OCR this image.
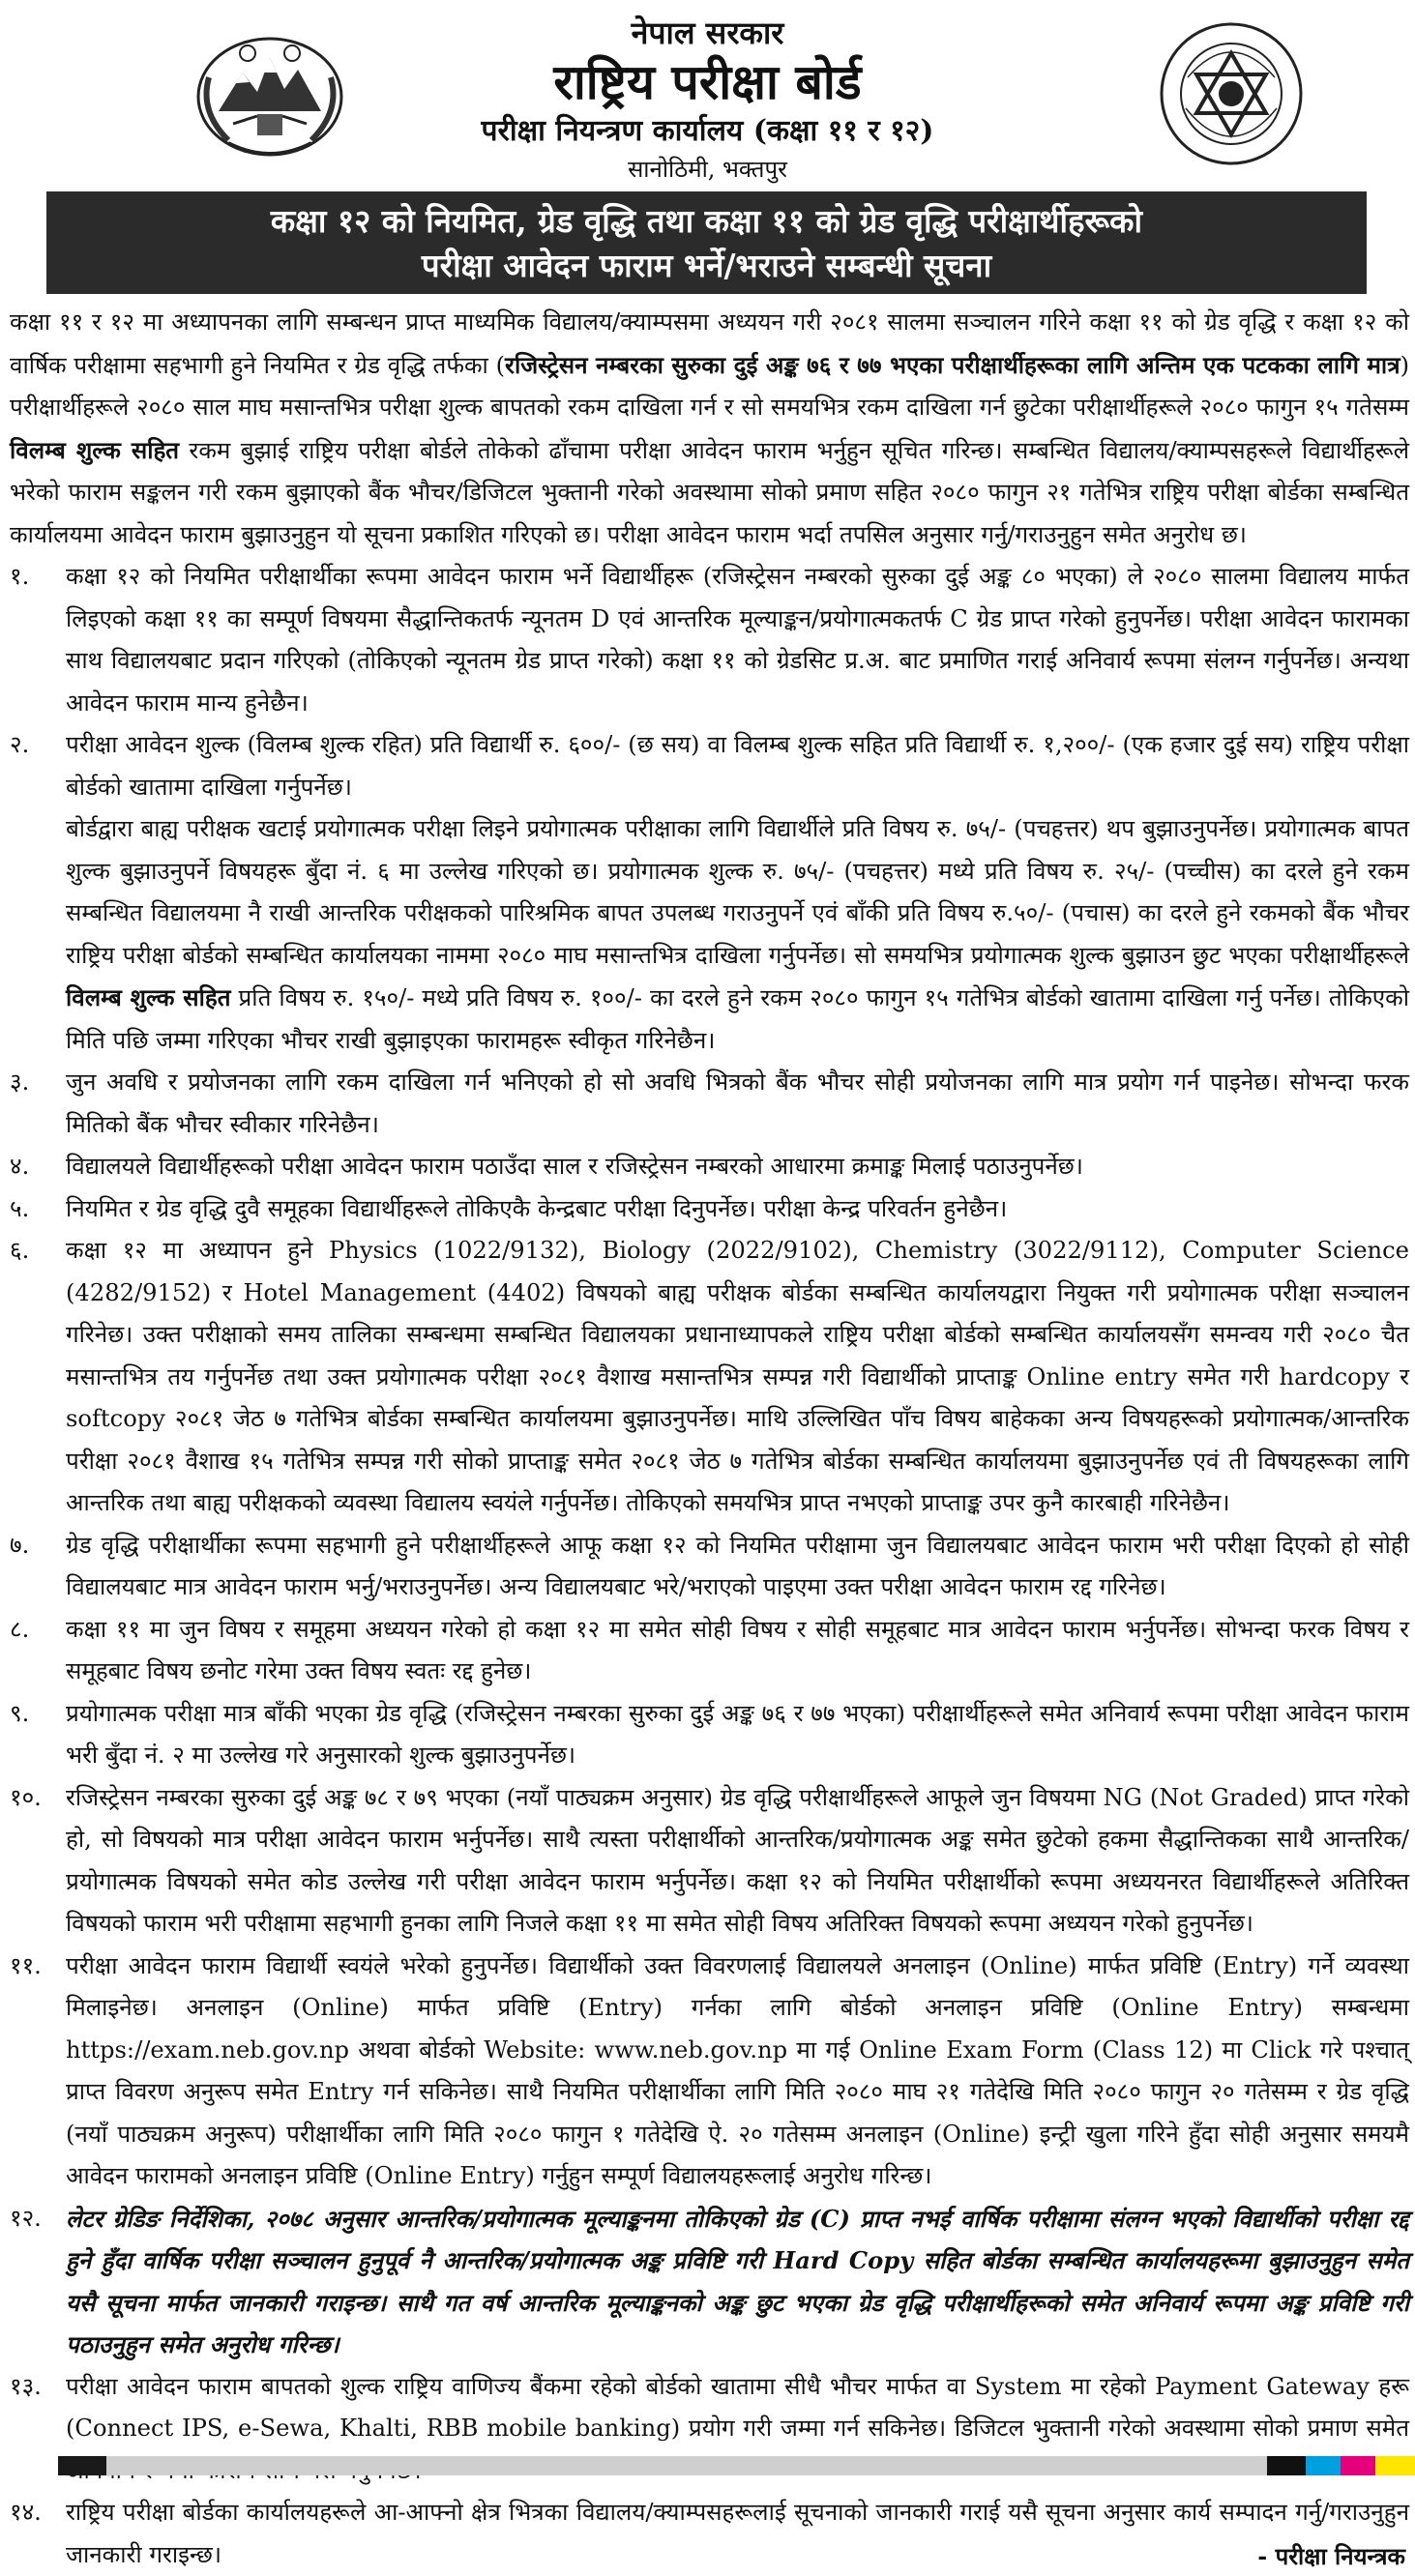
नेपाल सरकार
राष्ट्रिय परीक्षा बोर्ड
परीक्षा नियन्त्रण कार्यालय (कक्षा ११ र १२)
सानोठिमी, भक्तपुर
कक्षा १२ को नियमित, ग्रेड वृद्धि तथा कक्षा ११ को ग्रेड वृद्धि परीक्षार्थीहरूको
परीक्षा आवेदन फाराम भर्ने/भराउने सम्बन्धी सूचना

कक्षा ११ र १२ मा अध्यापनका लागि सम्बन्धन प्राप्त माध्यमिक विद्यालय/क्याम्पसमा अध्ययन गरी २०८१ सालमा सञ्चालन गरिने कक्षा ११ को ग्रेड वृद्धि र कक्षा १२ को वार्षिक परीक्षामा सहभागी हुने नियमित र ग्रेड वृद्धि तर्फका (रजिस्ट्रेसन नम्बरका सुरुका दुई अङ्क ७६ र ७७ भएका परीक्षार्थीहरूका लागि अन्तिम एक पटकका लागि मात्र) परीक्षार्थीहरूले २०८० साल माघ मसान्तभित्र परीक्षा शुल्क बापतको रकम दाखिला गर्न र सो समयभित्र रकम दाखिला गर्न छुटेका परीक्षार्थीहरूले २०८० फागुन १५ गतेसम्म विलम्ब शुल्क सहित रकम बुझाई राष्ट्रिय परीक्षा बोर्डले तोकेको ढाँचामा परीक्षा आवेदन फाराम भर्नुहुन सूचित गरिन्छ। सम्बन्धित विद्यालय/क्याम्पसहरूले विद्यार्थीहरूले भरेको फाराम सङ्कलन गरी रकम बुझाएको बैंक भौचर/डिजिटल भुक्तानी गरेको अवस्थामा सोको प्रमाण सहित २०८० फागुन २१ गतेभित्र राष्ट्रिय परीक्षा बोर्डका सम्बन्धित कार्यालयमा आवेदन फाराम बुझाउनुहुन यो सूचना प्रकाशित गरिएको छ। परीक्षा आवेदन फाराम भर्दा तपसिल अनुसार गर्नु/गराउनुहुन समेत अनुरोध छ।

१.	कक्षा १२ को नियमित परीक्षार्थीका रूपमा आवेदन फाराम भर्ने विद्यार्थीहरू (रजिस्ट्रेसन नम्बरको सुरुका दुई अङ्क ८० भएका) ले २०८० सालमा विद्यालय मार्फत लिइएको कक्षा ११ का सम्पूर्ण विषयमा सैद्धान्तिकतर्फ न्यूनतम D एवं आन्तरिक मूल्याङ्कन/प्रयोगात्मकतर्फ C ग्रेड प्राप्त गरेको हुनुपर्नेछ। परीक्षा आवेदन फारामका साथ विद्यालयबाट प्रदान गरिएको (तोकिएको न्यूनतम ग्रेड प्राप्त गरेको) कक्षा ११ को ग्रेडसिट प्र.अ. बाट प्रमाणित गराई अनिवार्य रूपमा संलग्न गर्नुपर्नेछ। अन्यथा आवेदन फाराम मान्य हुनेछैन।
२.	परीक्षा आवेदन शुल्क (विलम्ब शुल्क रहित) प्रति विद्यार्थी रु. ६००/- (छ सय) वा विलम्ब शुल्क सहित प्रति विद्यार्थी रु. १,२००/- (एक हजार दुई सय) राष्ट्रिय परीक्षा बोर्डको खातामा दाखिला गर्नुपर्नेछ।
बोर्डद्वारा बाह्य परीक्षक खटाई प्रयोगात्मक परीक्षा लिइने प्रयोगात्मक परीक्षाका लागि विद्यार्थीले प्रति विषय रु. ७५/- (पचहत्तर) थप बुझाउनुपर्नेछ। प्रयोगात्मक बापत शुल्क बुझाउनुपर्ने विषयहरू बुँदा नं. ६ मा उल्लेख गरिएको छ। प्रयोगात्मक शुल्क रु. ७५/- (पचहत्तर) मध्ये प्रति विषय रु. २५/- (पच्चीस) का दरले हुने रकम सम्बन्धित विद्यालयमा नै राखी आन्तरिक परीक्षकको पारिश्रमिक बापत उपलब्ध गराउनुपर्ने एवं बाँकी प्रति विषय रु.५०/- (पचास) का दरले हुने रकमको बैंक भौचर राष्ट्रिय परीक्षा बोर्डको सम्बन्धित कार्यालयका नाममा २०८० माघ मसान्तभित्र दाखिला गर्नुपर्नेछ। सो समयभित्र प्रयोगात्मक शुल्क बुझाउन छुट भएका परीक्षार्थीहरूले विलम्ब शुल्क सहित प्रति विषय रु. १५०/- मध्ये प्रति विषय रु. १००/- का दरले हुने रकम २०८० फागुन १५ गतेभित्र बोर्डको खातामा दाखिला गर्नु पर्नेछ। तोकिएको मिति पछि जम्मा गरिएका भौचर राखी बुझाइएका फारामहरू स्वीकृत गरिनेछैन।
३.	जुन अवधि र प्रयोजनका लागि रकम दाखिला गर्न भनिएको हो सो अवधि भित्रको बैंक भौचर सोही प्रयोजनका लागि मात्र प्रयोग गर्न पाइनेछ। सोभन्दा फरक मितिको बैंक भौचर स्वीकार गरिनेछैन।
४.	विद्यालयले विद्यार्थीहरूको परीक्षा आवेदन फाराम पठाउँदा साल र रजिस्ट्रेसन नम्बरको आधारमा क्रमाङ्क मिलाई पठाउनुपर्नेछ।
५.	नियमित र ग्रेड वृद्धि दुवै समूहका विद्यार्थीहरूले तोकिएकै केन्द्रबाट परीक्षा दिनुपर्नेछ। परीक्षा केन्द्र परिवर्तन हुनेछैन।
६.	कक्षा १२ मा अध्यापन हुने Physics (1022/9132), Biology (2022/9102), Chemistry (3022/9112), Computer Science (4282/9152) र Hotel Management (4402) विषयको बाह्य परीक्षक बोर्डका सम्बन्धित कार्यालयद्वारा नियुक्त गरी प्रयोगात्मक परीक्षा सञ्चालन गरिनेछ। उक्त परीक्षाको समय तालिका सम्बन्धमा सम्बन्धित विद्यालयका प्रधानाध्यापकले राष्ट्रिय परीक्षा बोर्डको सम्बन्धित कार्यालयसँग समन्वय गरी २०८० चैत मसान्तभित्र तय गर्नुपर्नेछ तथा उक्त प्रयोगात्मक परीक्षा २०८१ वैशाख मसान्तभित्र सम्पन्न गरी विद्यार्थीको प्राप्ताङ्क Online entry समेत गरी hardcopy र softcopy २०८१ जेठ ७ गतेभित्र बोर्डका सम्बन्धित कार्यालयमा बुझाउनुपर्नेछ। माथि उल्लिखित पाँच विषय बाहेकका अन्य विषयहरूको प्रयोगात्मक/आन्तरिक परीक्षा २०८१ वैशाख १५ गतेभित्र सम्पन्न गरी सोको प्राप्ताङ्क समेत २०८१ जेठ ७ गतेभित्र बोर्डका सम्बन्धित कार्यालयमा बुझाउनुपर्नेछ एवं ती विषयहरूका लागि आन्तरिक तथा बाह्य परीक्षकको व्यवस्था विद्यालय स्वयंले गर्नुपर्नेछ। तोकिएको समयभित्र प्राप्त नभएको प्राप्ताङ्क उपर कुनै कारबाही गरिनेछैन।
७.	ग्रेड वृद्धि परीक्षार्थीका रूपमा सहभागी हुने परीक्षार्थीहरूले आफू कक्षा १२ को नियमित परीक्षामा जुन विद्यालयबाट आवेदन फाराम भरी परीक्षा दिएको हो सोही विद्यालयबाट मात्र आवेदन फाराम भर्नु/भराउनुपर्नेछ। अन्य विद्यालयबाट भरे/भराएको पाइएमा उक्त परीक्षा आवेदन फाराम रद्द गरिनेछ।
८.	कक्षा ११ मा जुन विषय र समूहमा अध्ययन गरेको हो कक्षा १२ मा समेत सोही विषय र सोही समूहबाट मात्र आवेदन फाराम भर्नुपर्नेछ। सोभन्दा फरक विषय र समूहबाट विषय छनोट गरेमा उक्त विषय स्वतः रद्द हुनेछ।
९.	प्रयोगात्मक परीक्षा मात्र बाँकी भएका ग्रेड वृद्धि (रजिस्ट्रेसन नम्बरका सुरुका दुई अङ्क ७६ र ७७ भएका) परीक्षार्थीहरूले समेत अनिवार्य रूपमा परीक्षा आवेदन फाराम भरी बुँदा नं. २ मा उल्लेख गरे अनुसारको शुल्क बुझाउनुपर्नेछ।
१०.	रजिस्ट्रेसन नम्बरका सुरुका दुई अङ्क ७८ र ७९ भएका (नयाँ पाठ्यक्रम अनुसार) ग्रेड वृद्धि परीक्षार्थीहरूले आफूले जुन विषयमा NG (Not Graded) प्राप्त गरेको हो, सो विषयको मात्र परीक्षा आवेदन फाराम भर्नुपर्नेछ। साथै त्यस्ता परीक्षार्थीको आन्तरिक/प्रयोगात्मक अङ्क समेत छुटेको हकमा सैद्धान्तिकका साथै आन्तरिक/प्रयोगात्मक विषयको समेत कोड उल्लेख गरी परीक्षा आवेदन फाराम भर्नुपर्नेछ। कक्षा १२ को नियमित परीक्षार्थीको रूपमा अध्ययनरत विद्यार्थीहरूले अतिरिक्त विषयको फाराम भरी परीक्षामा सहभागी हुनका लागि निजले कक्षा ११ मा समेत सोही विषय अतिरिक्त विषयको रूपमा अध्ययन गरेको हुनुपर्नेछ।
११.	परीक्षा आवेदन फाराम विद्यार्थी स्वयंले भरेको हुनुपर्नेछ। विद्यार्थीको उक्त विवरणलाई विद्यालयले अनलाइन (Online) मार्फत प्रविष्टि (Entry) गर्ने व्यवस्था मिलाइनेछ। अनलाइन (Online) मार्फत प्रविष्टि (Entry) गर्नका लागि बोर्डको अनलाइन प्रविष्टि (Online Entry) सम्बन्धमा https://exam.neb.gov.np अथवा बोर्डको Website: www.neb.gov.np मा गई Online Exam Form (Class 12) मा Click गरे पश्चात् प्राप्त विवरण अनुरूप समेत Entry गर्न सकिनेछ। साथै नियमित परीक्षार्थीका लागि मिति २०८० माघ २१ गतेदेखि मिति २०८० फागुन २० गतेसम्म र ग्रेड वृद्धि (नयाँ पाठ्यक्रम अनुरूप) परीक्षार्थीका लागि मिति २०८० फागुन १ गतेदेखि ऐ. २० गतेसम्म अनलाइन (Online) इन्ट्री खुला गरिने हुँदा सोही अनुसार समयमै आवेदन फारामको अनलाइन प्रविष्टि (Online Entry) गर्नुहुन सम्पूर्ण विद्यालयहरूलाई अनुरोध गरिन्छ।
१२.	लेटर ग्रेडिङ निर्देशिका, २०७८ अनुसार आन्तरिक/प्रयोगात्मक मूल्याङ्कनमा तोकिएको ग्रेड (C) प्राप्त नभई वार्षिक परीक्षामा संलग्न भएको विद्यार्थीको परीक्षा रद्द हुने हुँदा वार्षिक परीक्षा सञ्चालन हुनुपूर्व नै आन्तरिक/प्रयोगात्मक अङ्क प्रविष्टि गरी Hard Copy सहित बोर्डका सम्बन्धित कार्यालयहरूमा बुझाउनुहुन समेत यसै सूचना मार्फत जानकारी गराइन्छ। साथै गत वर्ष आन्तरिक मूल्याङ्कनको अङ्क छुट भएका ग्रेड वृद्धि परीक्षार्थीहरूको समेत अनिवार्य रूपमा अङ्क प्रविष्टि गरी पठाउनुहुन समेत अनुरोध गरिन्छ।
१३.	परीक्षा आवेदन फाराम बापतको शुल्क राष्ट्रिय वाणिज्य बैंकमा रहेको बोर्डको खातामा सीधै भौचर मार्फत वा System मा रहेको Payment Gateway हरू (Connect IPS, e-Sewa, Khalti, RBB mobile banking) प्रयोग गरी जम्मा गर्न सकिनेछ। डिजिटल भुक्तानी गरेको अवस्थामा सोको प्रमाण समेत
१४.	राष्ट्रिय परीक्षा बोर्डका कार्यालयहरूले आ-आफ्नो क्षेत्र भित्रका विद्यालय/क्याम्पसहरूलाई सूचनाको जानकारी गराई यसै सूचना अनुसार कार्य सम्पादन गर्नु/गराउनुहुन जानकारी गराइन्छ।	- परीक्षा नियन्त्रक
